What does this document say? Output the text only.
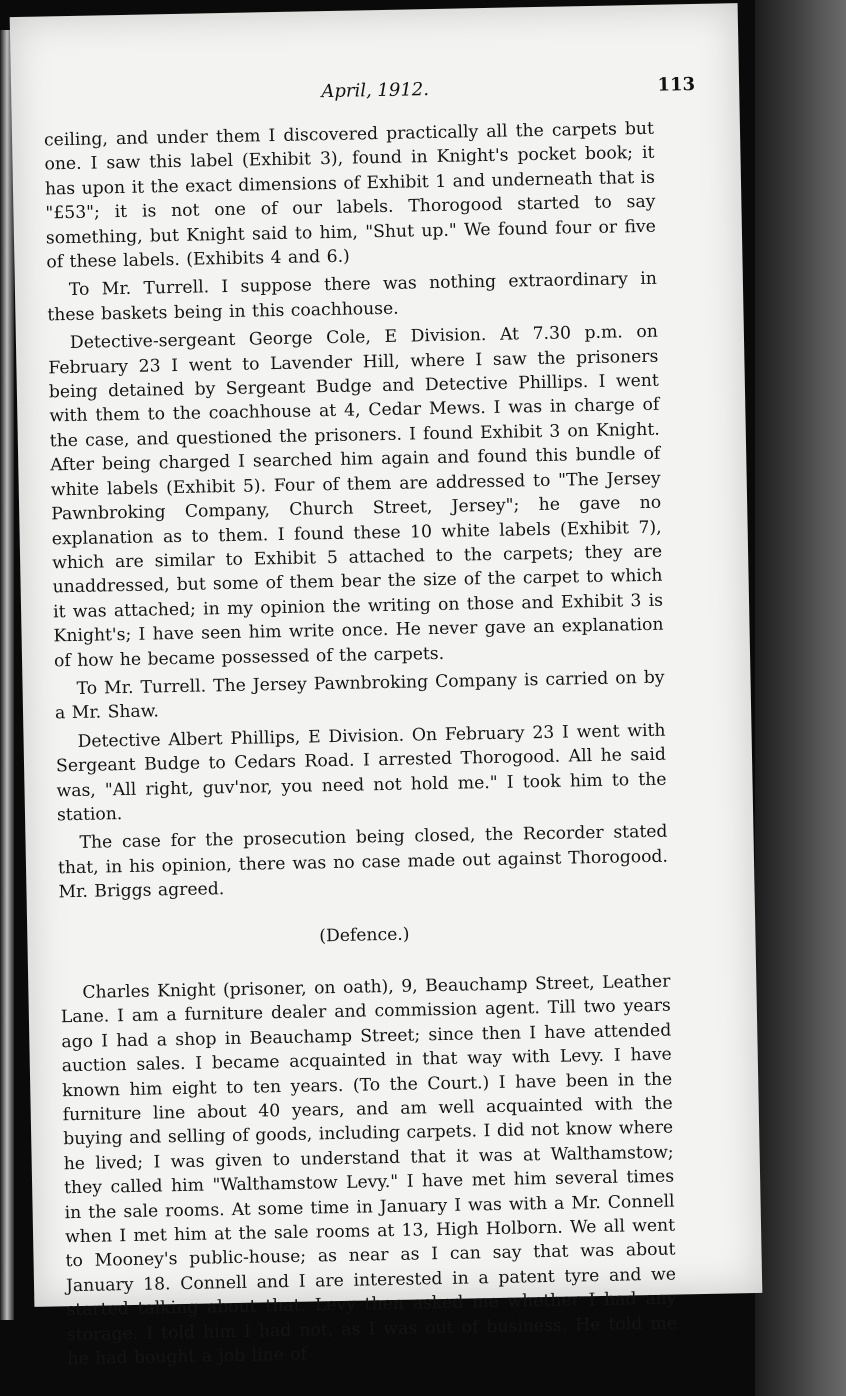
April, 1912.	113

ceiling, and under them I discovered practically all the carpets but one. I saw this label (Exhibit 3), found in Knight's pocket book; it has upon it the exact dimensions of Exhibit 1 and underneath that is "£53"; it is not one of our labels. Thorogood started to say something, but Knight said to him, "Shut up." We found four or five of these labels. (Exhibits 4 and 6.)

To Mr. Turrell. I suppose there was nothing extraordinary in these baskets being in this coachhouse.

Detective-sergeant George Cole, E Division. At 7.30 p.m. on February 23 I went to Lavender Hill, where I saw the prisoners being detained by Sergeant Budge and Detective Phillips. I went with them to the coachhouse at 4, Cedar Mews. I was in charge of the case, and questioned the prisoners. I found Exhibit 3 on Knight. After being charged I searched him again and found this bundle of white labels (Exhibit 5). Four of them are addressed to "The Jersey Pawnbroking Company, Church Street, Jersey"; he gave no explanation as to them. I found these 10 white labels (Exhibit 7), which are similar to Exhibit 5 attached to the carpets; they are unaddressed, but some of them bear the size of the carpet to which it was attached; in my opinion the writing on those and Exhibit 3 is Knight's; I have seen him write once. He never gave an explanation of how he became possessed of the carpets.

To Mr. Turrell. The Jersey Pawnbroking Company is carried on by a Mr. Shaw.

Detective Albert Phillips, E Division. On February 23 I went with Sergeant Budge to Cedars Road. I arrested Thorogood. All he said was, "All right, guv'nor, you need not hold me." I took him to the station.

The case for the prosecution being closed, the Recorder stated that, in his opinion, there was no case made out against Thorogood. Mr. Briggs agreed.

(Defence.)

Charles Knight (prisoner, on oath), 9, Beauchamp Street, Leather Lane. I am a furniture dealer and commission agent. Till two years ago I had a shop in Beauchamp Street; since then I have attended auction sales. I became acquainted in that way with Levy. I have known him eight to ten years. (To the Court.) I have been in the furniture line about 40 years, and am well acquainted with the buying and selling of goods, including carpets. I did not know where he lived; I was given to understand that it was at Walthamstow; they called him "Walthamstow Levy." I have met him several times in the sale rooms. At some time in January I was with a Mr. Connell when I met him at the sale rooms at 13, High Holborn. We all went to Mooney's public-house; as near as I can say that was about January 18. Connell and I are interested in a patent tyre and we started talking about that. Levy then asked me whether I had any storage. I told him I had not, as I was out of business. He told me he had bought a job line of
